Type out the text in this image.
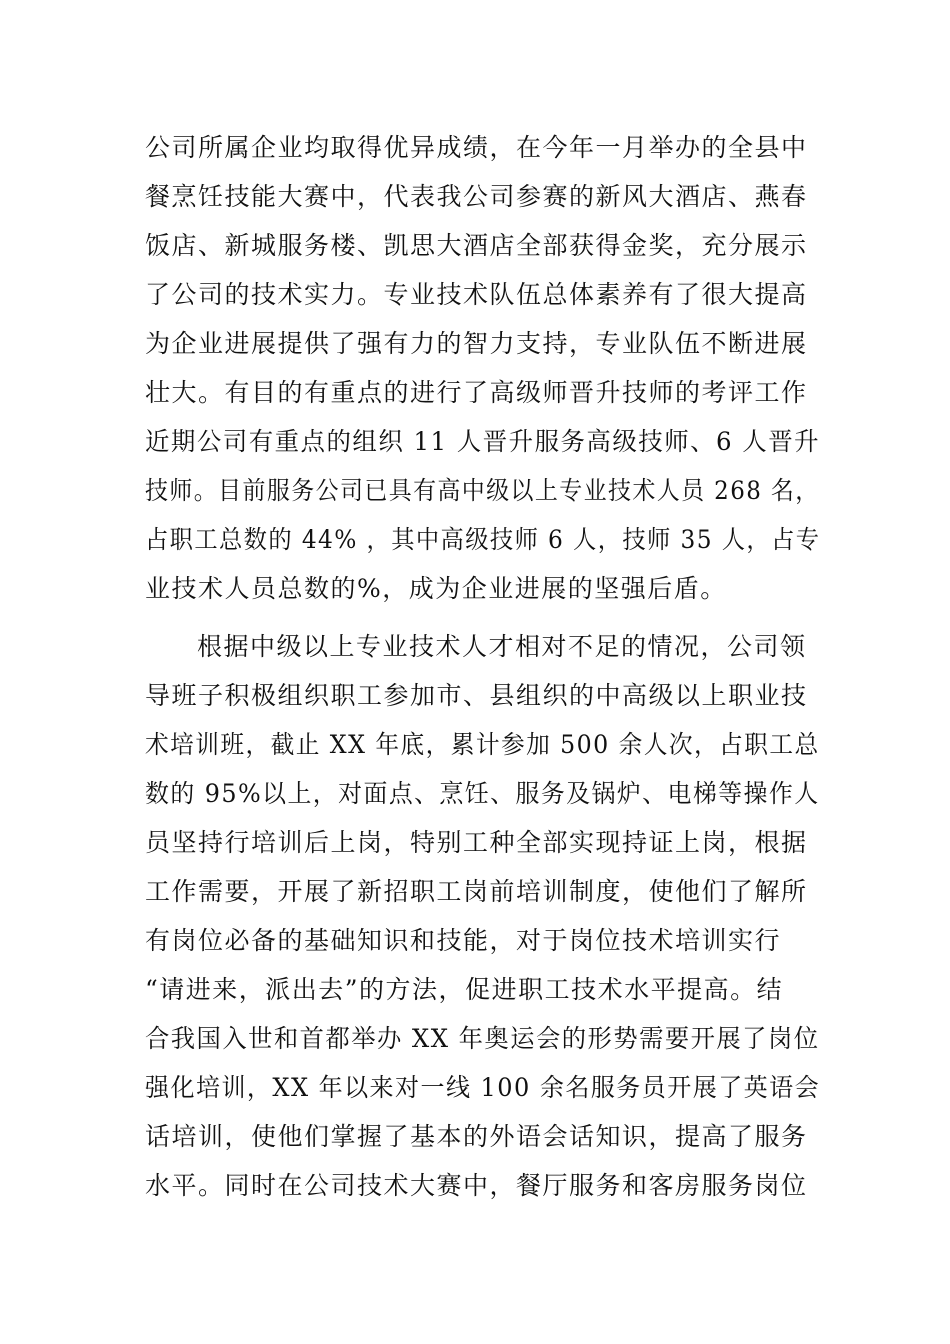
公司所属企业均取得优异成绩，在今年一月举办的全县中
餐烹饪技能大赛中，代表我公司参赛的新风大酒店、燕春
饭店、新城服务楼、凯思大酒店全部获得金奖，充分展示
了公司的技术实力。专业技术队伍总体素养有了很大提高
为企业进展提供了强有力的智力支持，专业队伍不断进展
壮大。有目的有重点的进行了高级师晋升技师的考评工作
近期公司有重点的组织 11 人晋升服务高级技师、6 人晋升
技师。目前服务公司已具有高中级以上专业技术人员 268 名，
占职工总数的 44% ，其中高级技师 6 人，技师 35 人，占专
业技术人员总数的%，成为企业进展的坚强后盾。
根据中级以上专业技术人才相对不足的情况，公司领
导班子积极组织职工参加市、县组织的中高级以上职业技
术培训班，截止 XX 年底，累计参加 500 余人次，占职工总
数的 95%以上，对面点、烹饪、服务及锅炉、电梯等操作人
员坚持行培训后上岗，特别工种全部实现持证上岗，根据
工作需要，开展了新招职工岗前培训制度，使他们了解所
有岗位必备的基础知识和技能，对于岗位技术培训实行
“请进来，派出去”的方法，促进职工技术水平提高。结
合我国入世和首都举办 XX 年奥运会的形势需要开展了岗位
强化培训，XX 年以来对一线 100 余名服务员开展了英语会
话培训，使他们掌握了基本的外语会话知识，提高了服务
水平。同时在公司技术大赛中，餐厅服务和客房服务岗位
